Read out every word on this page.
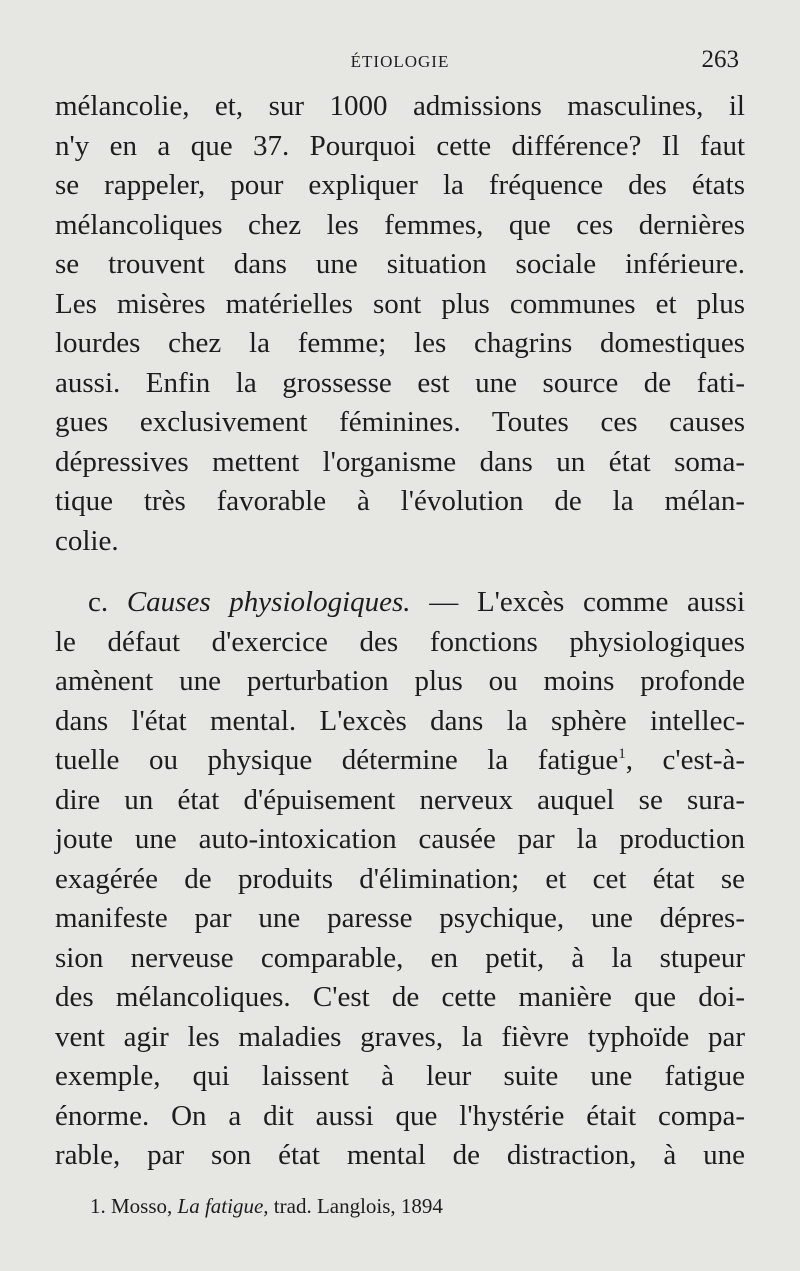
ÉTIOLOGIE	263
mélancolie, et, sur 1000 admissions masculines, il
n'y en a que 37. Pourquoi cette différence? Il faut
se rappeler, pour expliquer la fréquence des états
mélancoliques chez les femmes, que ces dernières
se trouvent dans une situation sociale inférieure.
Les misères matérielles sont plus communes et plus
lourdes chez la femme; les chagrins domestiques
aussi. Enfin la grossesse est une source de fati-
gues exclusivement féminines. Toutes ces causes
dépressives mettent l'organisme dans un état soma-
tique très favorable à l'évolution de la mélan-
colie.
c. Causes physiologiques. — L'excès comme aussi
le défaut d'exercice des fonctions physiologiques
amènent une perturbation plus ou moins profonde
dans l'état mental. L'excès dans la sphère intellec-
tuelle ou physique détermine la fatigue$^1$, c'est-à-
dire un état d'épuisement nerveux auquel se sura-
joute une auto-intoxication causée par la production
exagérée de produits d'élimination; et cet état se
manifeste par une paresse psychique, une dépres-
sion nerveuse comparable, en petit, à la stupeur
des mélancoliques. C'est de cette manière que doi-
vent agir les maladies graves, la fièvre typhoïde par
exemple, qui laissent à leur suite une fatigue
énorme. On a dit aussi que l'hystérie était compa-
rable, par son état mental de distraction, à une
1. Mosso, La fatigue, trad. Langlois, 1894
